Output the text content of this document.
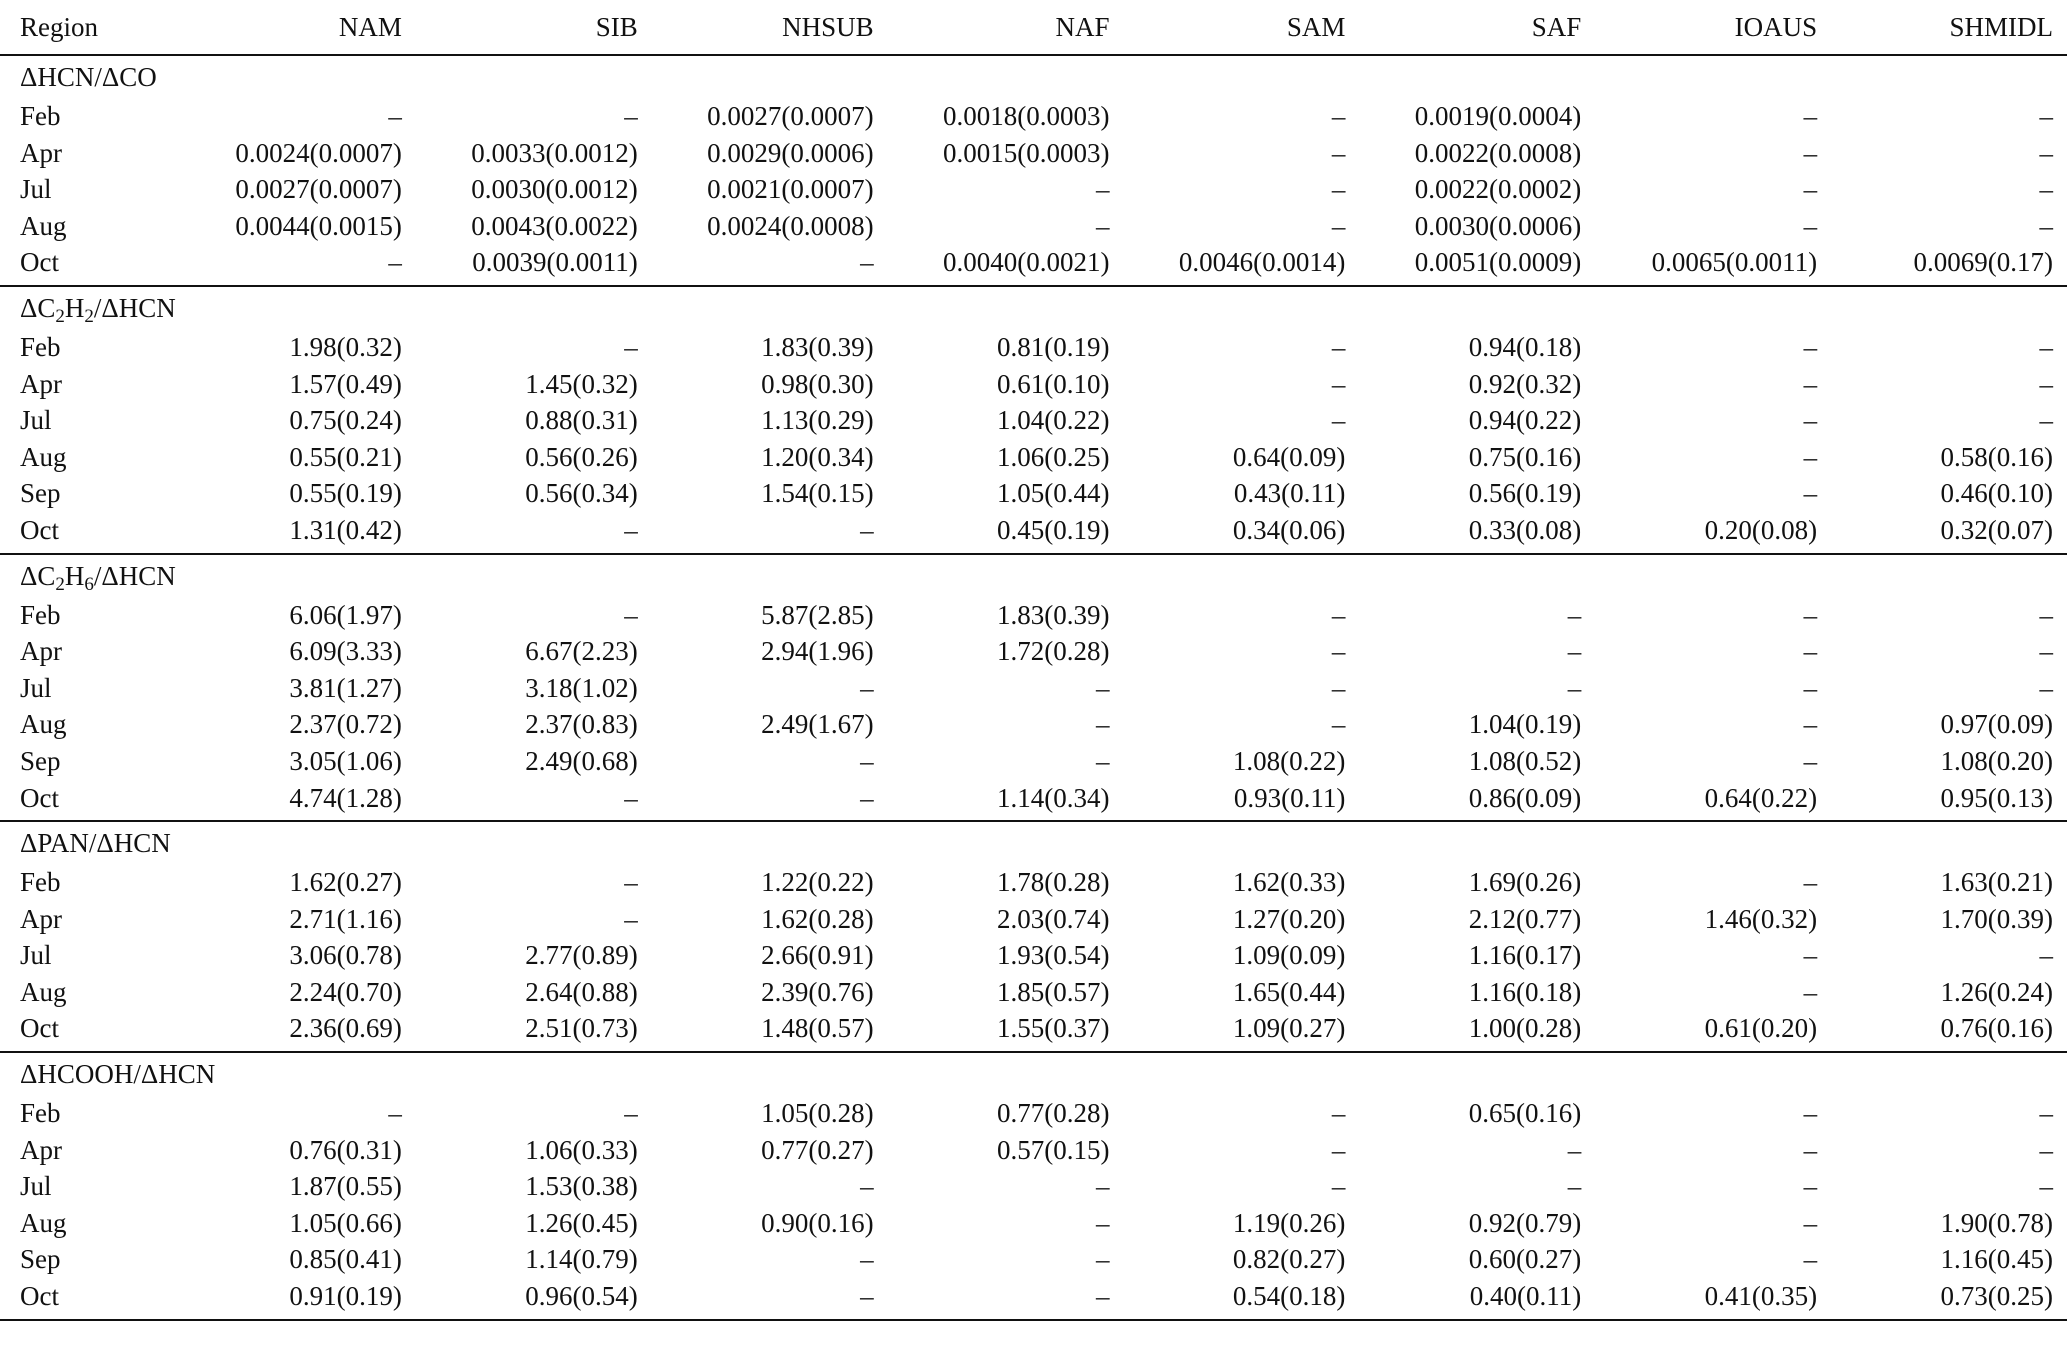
Region	NAM	SIB	NHSUB	NAF	SAM	SAF	IOAUS	SHMIDL
ΔHCN/ΔCO								
Feb	–	–	0.0027(0.0007)	0.0018(0.0003)	–	0.0019(0.0004)	–	–
Apr	0.0024(0.0007)	0.0033(0.0012)	0.0029(0.0006)	0.0015(0.0003)	–	0.0022(0.0008)	–	–
Jul	0.0027(0.0007)	0.0030(0.0012)	0.0021(0.0007)	–	–	0.0022(0.0002)	–	–
Aug	0.0044(0.0015)	0.0043(0.0022)	0.0024(0.0008)	–	–	0.0030(0.0006)	–	–
Oct	–	0.0039(0.0011)	–	0.0040(0.0021)	0.0046(0.0014)	0.0051(0.0009)	0.0065(0.0011)	0.0069(0.17)
$\Delta C_2H_2$/ΔHCN								
Feb	1.98(0.32)	–	1.83(0.39)	0.81(0.19)	–	0.94(0.18)	–	–
Apr	1.57(0.49)	1.45(0.32)	0.98(0.30)	0.61(0.10)	–	0.92(0.32)	–	–
Jul	0.75(0.24)	0.88(0.31)	1.13(0.29)	1.04(0.22)	–	0.94(0.22)	–	–
Aug	0.55(0.21)	0.56(0.26)	1.20(0.34)	1.06(0.25)	0.64(0.09)	0.75(0.16)	–	0.58(0.16)
Sep	0.55(0.19)	0.56(0.34)	1.54(0.15)	1.05(0.44)	0.43(0.11)	0.56(0.19)	–	0.46(0.10)
Oct	1.31(0.42)	–	–	0.45(0.19)	0.34(0.06)	0.33(0.08)	0.20(0.08)	0.32(0.07)
$\Delta C_2H_6$/ΔHCN								
Feb	6.06(1.97)	–	5.87(2.85)	1.83(0.39)	–	–	–	–
Apr	6.09(3.33)	6.67(2.23)	2.94(1.96)	1.72(0.28)	–	–	–	–
Jul	3.81(1.27)	3.18(1.02)	–	–	–	–	–	–
Aug	2.37(0.72)	2.37(0.83)	2.49(1.67)	–	–	1.04(0.19)	–	0.97(0.09)
Sep	3.05(1.06)	2.49(0.68)	–	–	1.08(0.22)	1.08(0.52)	–	1.08(0.20)
Oct	4.74(1.28)	–	–	1.14(0.34)	0.93(0.11)	0.86(0.09)	0.64(0.22)	0.95(0.13)
ΔPAN/ΔHCN								
Feb	1.62(0.27)	–	1.22(0.22)	1.78(0.28)	1.62(0.33)	1.69(0.26)	–	1.63(0.21)
Apr	2.71(1.16)	–	1.62(0.28)	2.03(0.74)	1.27(0.20)	2.12(0.77)	1.46(0.32)	1.70(0.39)
Jul	3.06(0.78)	2.77(0.89)	2.66(0.91)	1.93(0.54)	1.09(0.09)	1.16(0.17)	–	–
Aug	2.24(0.70)	2.64(0.88)	2.39(0.76)	1.85(0.57)	1.65(0.44)	1.16(0.18)	–	1.26(0.24)
Oct	2.36(0.69)	2.51(0.73)	1.48(0.57)	1.55(0.37)	1.09(0.27)	1.00(0.28)	0.61(0.20)	0.76(0.16)
ΔHCOOH/ΔHCN								
Feb	–	–	1.05(0.28)	0.77(0.28)	–	0.65(0.16)	–	–
Apr	0.76(0.31)	1.06(0.33)	0.77(0.27)	0.57(0.15)	–	–	–	–
Jul	1.87(0.55)	1.53(0.38)	–	–	–	–	–	–
Aug	1.05(0.66)	1.26(0.45)	0.90(0.16)	–	1.19(0.26)	0.92(0.79)	–	1.90(0.78)
Sep	0.85(0.41)	1.14(0.79)	–	–	0.82(0.27)	0.60(0.27)	–	1.16(0.45)
Oct	0.91(0.19)	0.96(0.54)	–	–	0.54(0.18)	0.40(0.11)	0.41(0.35)	0.73(0.25)
